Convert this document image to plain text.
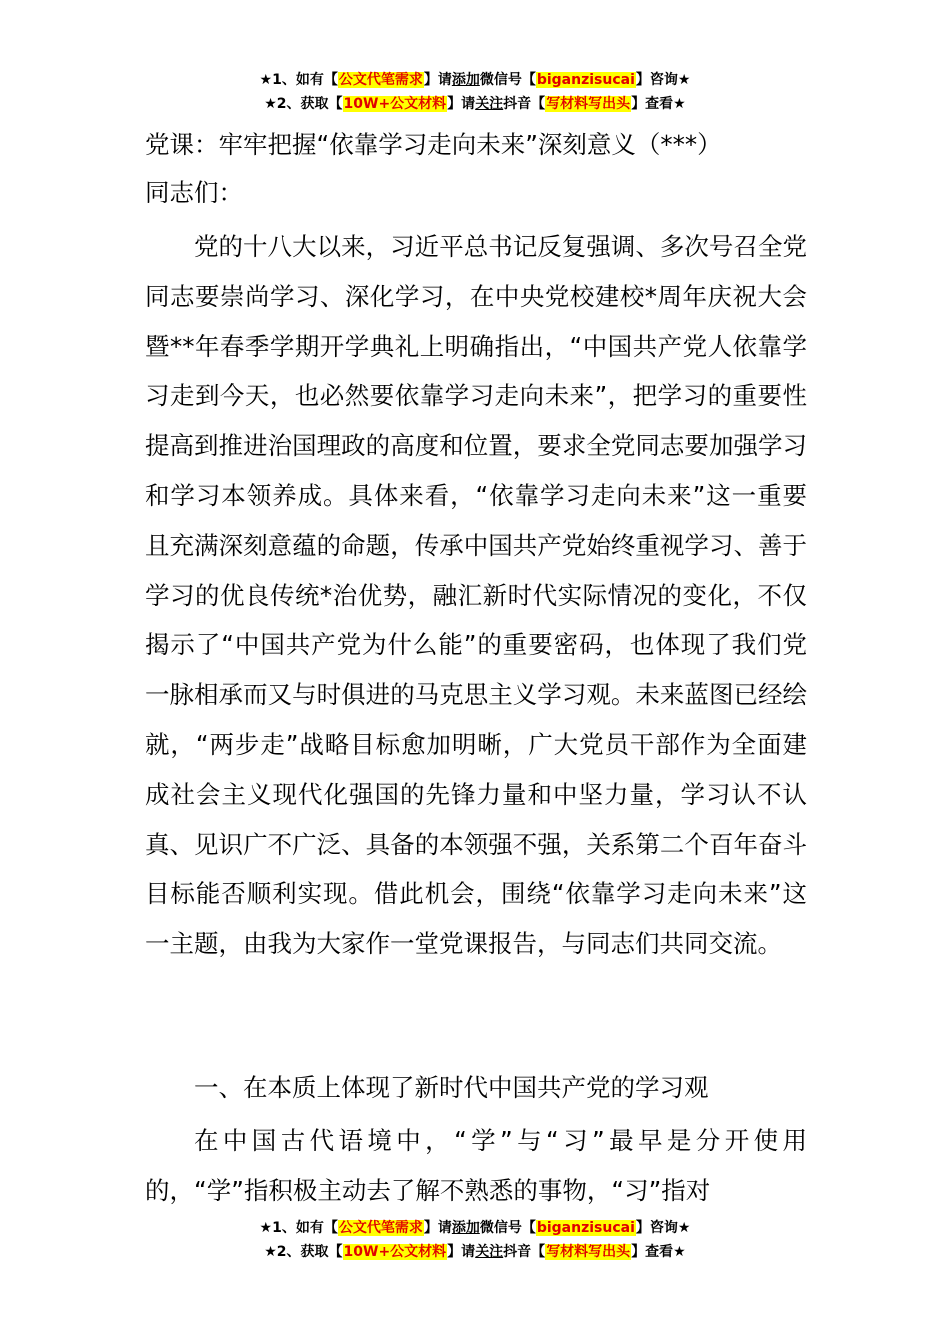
★1、如有【公文代笔需求】请添加微信号【biganzisucai】咨询★
★2、获取【10W+公文材料】请关注抖音【写材料写出头】查看★
党课：牢牢把握“依靠学习走向未来”深刻意义（***）
同志们：

党的十八大以来，习近平总书记反复强调、多次号召全党同志要崇尚学习、深化学习，在中央党校建校*周年庆祝大会暨**年春季学期开学典礼上明确指出，“中国共产党人依靠学习走到今天，也必然要依靠学习走向未来”，把学习的重要性提高到推进治国理政的高度和位置，要求全党同志要加强学习和学习本领养成。具体来看，“依靠学习走向未来”这一重要且充满深刻意蕴的命题，传承中国共产党始终重视学习、善于学习的优良传统*治优势，融汇新时代实际情况的变化，不仅揭示了“中国共产党为什么能”的重要密码，也体现了我们党一脉相承而又与时俱进的马克思主义学习观。未来蓝图已经绘就，“两步走”战略目标愈加明晰，广大党员干部作为全面建成社会主义现代化强国的先锋力量和中坚力量，学习认不认真、见识广不广泛、具备的本领强不强，关系第二个百年奋斗目标能否顺利实现。借此机会，围绕“依靠学习走向未来”这一主题，由我为大家作一堂党课报告，与同志们共同交流。

一、在本质上体现了新时代中国共产党的学习观

在中国古代语境中，“学”与“习”最早是分开使用的，“学”指积极主动去了解不熟悉的事物，“习”指对

★1、如有【公文代笔需求】请添加微信号【biganzisucai】咨询★
★2、获取【10W+公文材料】请关注抖音【写材料写出头】查看★
